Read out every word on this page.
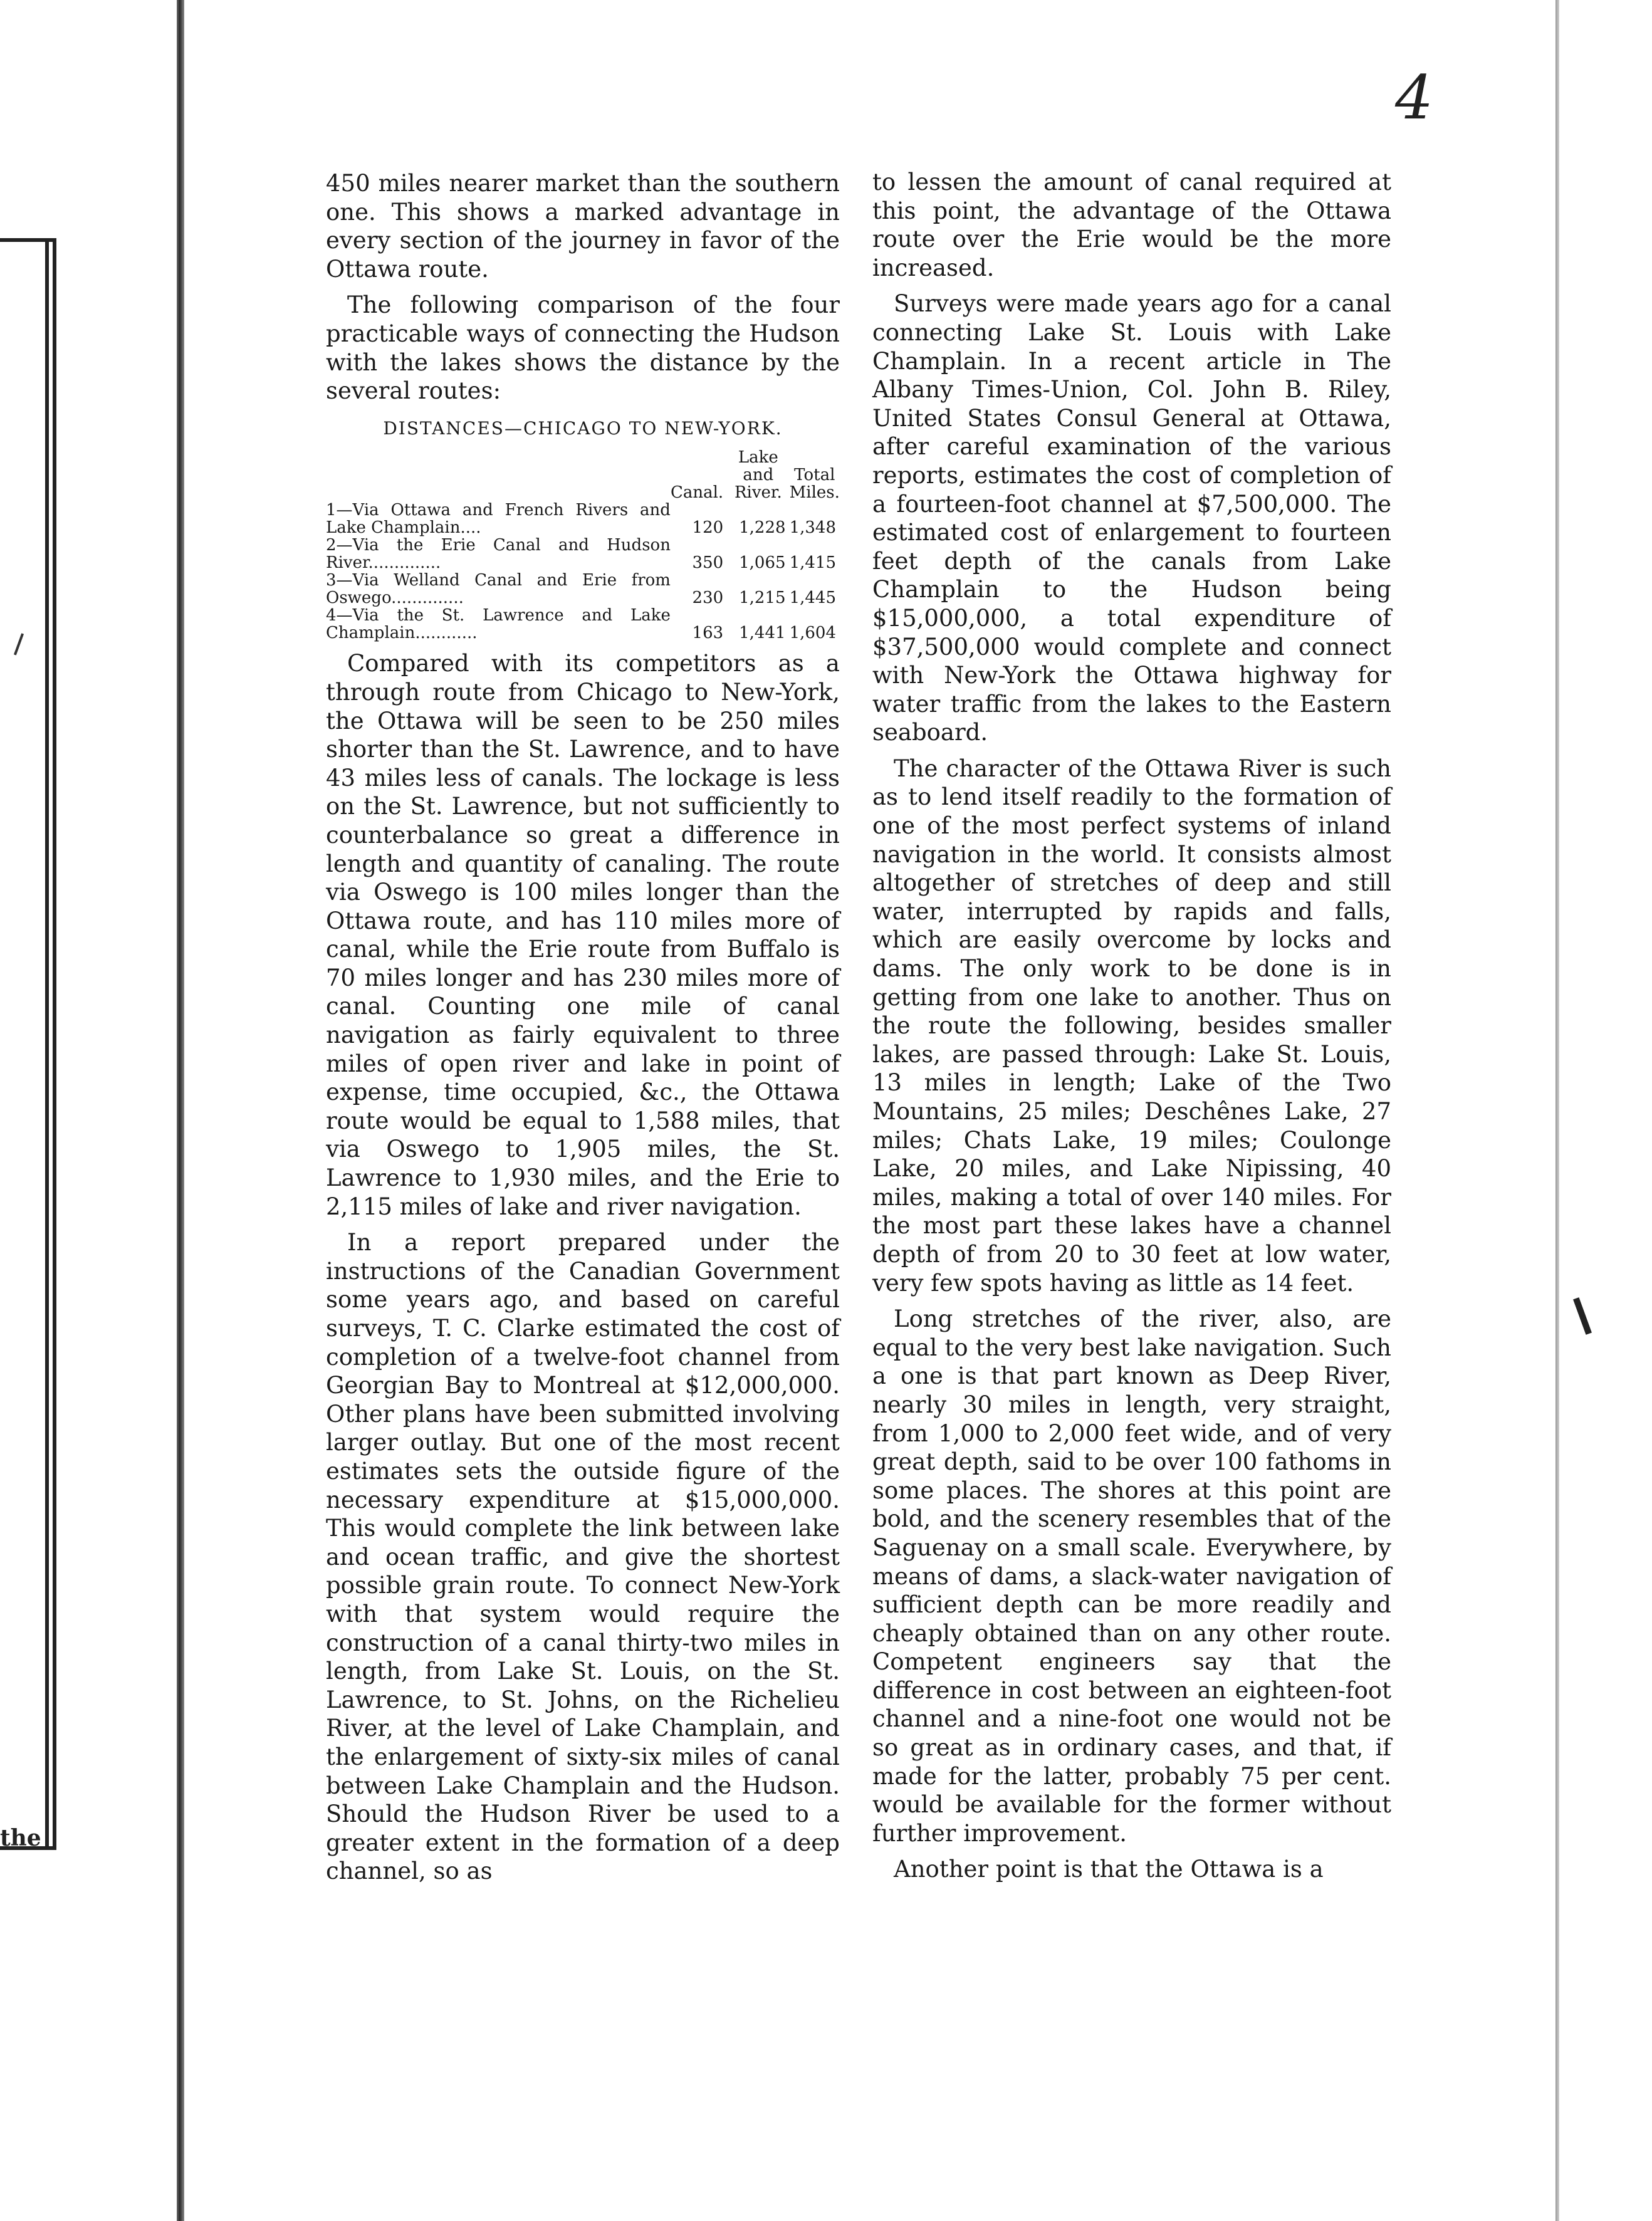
the
4

450 miles nearer market than the southern one. This shows a marked advantage in every section of the journey in favor of the Ottawa route.

The following comparison of the four practicable ways of connecting the Hudson with the lakes shows the distance by the several routes:

DISTANCES—CHICAGO TO NEW-YORK.
	Canal.	Lake and River.	Total Miles.
1—Via Ottawa and French Rivers and Lake Champlain....	120	1,228	1,348
2—Via the Erie Canal and Hudson River..............	350	1,065	1,415
3—Via Welland Canal and Erie from Oswego..............	230	1,215	1,445
4—Via the St. Lawrence and Lake Champlain............	163	1,441	1,604

Compared with its competitors as a through route from Chicago to New-York, the Ottawa will be seen to be 250 miles shorter than the St. Lawrence, and to have 43 miles less of canals. The lockage is less on the St. Lawrence, but not sufficiently to counterbalance so great a difference in length and quantity of canaling. The route via Oswego is 100 miles longer than the Ottawa route, and has 110 miles more of canal, while the Erie route from Buffalo is 70 miles longer and has 230 miles more of canal. Counting one mile of canal navigation as fairly equivalent to three miles of open river and lake in point of expense, time occupied, &c., the Ottawa route would be equal to 1,588 miles, that via Oswego to 1,905 miles, the St. Lawrence to 1,930 miles, and the Erie to 2,115 miles of lake and river navigation.

In a report prepared under the instructions of the Canadian Government some years ago, and based on careful surveys, T. C. Clarke estimated the cost of completion of a twelve-foot channel from Georgian Bay to Montreal at $12,000,000. Other plans have been submitted involving larger outlay. But one of the most recent estimates sets the outside figure of the necessary expenditure at $15,000,000. This would complete the link between lake and ocean traffic, and give the shortest possible grain route. To connect New-York with that system would require the construction of a canal thirty-two miles in length, from Lake St. Louis, on the St. Lawrence, to St. Johns, on the Richelieu River, at the level of Lake Champlain, and the enlargement of sixty-six miles of canal between Lake Champlain and the Hudson. Should the Hudson River be used to a greater extent in the formation of a deep channel, so as

to lessen the amount of canal required at this point, the advantage of the Ottawa route over the Erie would be the more increased.

Surveys were made years ago for a canal connecting Lake St. Louis with Lake Champlain. In a recent article in The Albany Times-Union, Col. John B. Riley, United States Consul General at Ottawa, after careful examination of the various reports, estimates the cost of completion of a fourteen-foot channel at $7,500,000. The estimated cost of enlargement to fourteen feet depth of the canals from Lake Champlain to the Hudson being $15,000,000, a total expenditure of $37,500,000 would complete and connect with New-York the Ottawa highway for water traffic from the lakes to the Eastern seaboard.

The character of the Ottawa River is such as to lend itself readily to the formation of one of the most perfect systems of inland navigation in the world. It consists almost altogether of stretches of deep and still water, interrupted by rapids and falls, which are easily overcome by locks and dams. The only work to be done is in getting from one lake to another. Thus on the route the following, besides smaller lakes, are passed through: Lake St. Louis, 13 miles in length; Lake of the Two Mountains, 25 miles; Deschênes Lake, 27 miles; Chats Lake, 19 miles; Coulonge Lake, 20 miles, and Lake Nipissing, 40 miles, making a total of over 140 miles. For the most part these lakes have a channel depth of from 20 to 30 feet at low water, very few spots having as little as 14 feet.

Long stretches of the river, also, are equal to the very best lake navigation. Such a one is that part known as Deep River, nearly 30 miles in length, very straight, from 1,000 to 2,000 feet wide, and of very great depth, said to be over 100 fathoms in some places. The shores at this point are bold, and the scenery resembles that of the Saguenay on a small scale. Everywhere, by means of dams, a slack-water navigation of sufficient depth can be more readily and cheaply obtained than on any other route. Competent engineers say that the difference in cost between an eighteen-foot channel and a nine-foot one would not be so great as in ordinary cases, and that, if made for the latter, probably 75 per cent. would be available for the former without further improvement.

Another point is that the Ottawa is a
